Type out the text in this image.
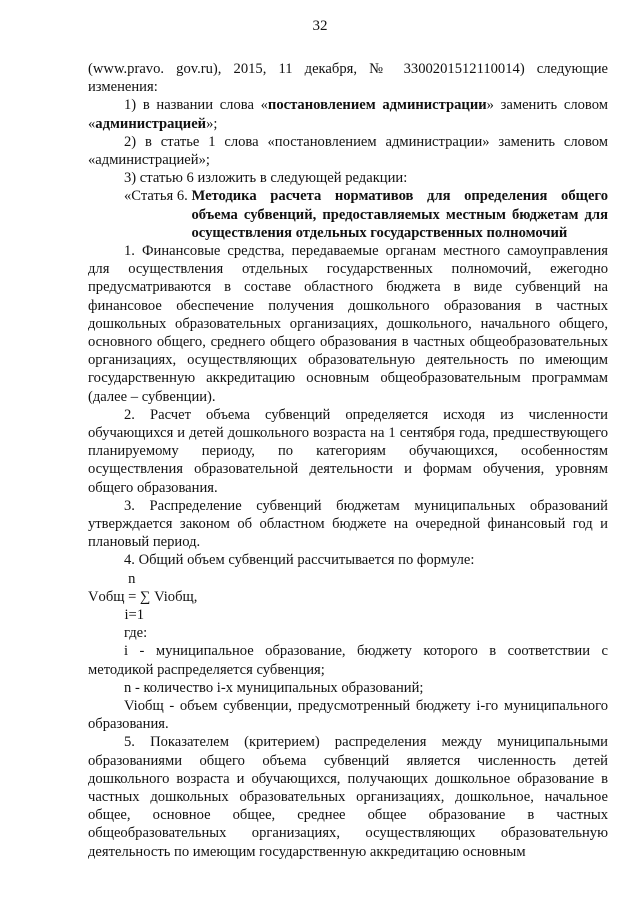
32

(www.pravo. gov.ru), 2015, 11 декабря, № 3300201512110014) следующие изменения:

1) в названии слова «постановлением администрации» заменить словом «администрацией»;

2) в статье 1 слова «постановлением администрации» заменить словом «администрацией»;

3) статью 6 изложить в следующей редакции:

«Статья 6. Методика расчета нормативов для определения общего объема субвенций, предоставляемых местным бюджетам для осуществления отдельных государственных полномочий

1. Финансовые средства, передаваемые органам местного самоуправления для осуществления отдельных государственных полномочий, ежегодно предусматриваются в составе областного бюджета в виде субвенций на финансовое обеспечение получения дошкольного образования в частных дошкольных образовательных организациях, дошкольного, начального общего, основного общего, среднего общего образования в частных общеобразовательных организациях, осуществляющих образовательную деятельность по имеющим государственную аккредитацию основным общеобразовательным программам (далее – субвенции).

2. Расчет объема субвенций определяется исходя из численности обучающихся и детей дошкольного возраста на 1 сентября года, предшествующего планируемому периоду, по категориям обучающихся, особенностям осуществления образовательной деятельности и формам обучения, уровням общего образования.

3. Распределение субвенций бюджетам муниципальных образований утверждается законом об областном бюджете на очередной финансовый год и плановый период.

4. Общий объем субвенций рассчитывается по формуле:

n
Vобщ = ∑ Viобщ,
i=1

где:

i - муниципальное образование, бюджету которого в соответствии с методикой распределяется субвенция;

n - количество i-х муниципальных образований;

Viобщ - объем субвенции, предусмотренный бюджету i-го муниципального образования.

5. Показателем (критерием) распределения между муниципальными образованиями общего объема субвенций является численность детей дошкольного возраста и обучающихся, получающих дошкольное образование в частных дошкольных образовательных организациях, дошкольное, начальное общее, основное общее, среднее общее образование в частных общеобразовательных организациях, осуществляющих образовательную деятельность по имеющим государственную аккредитацию основным
